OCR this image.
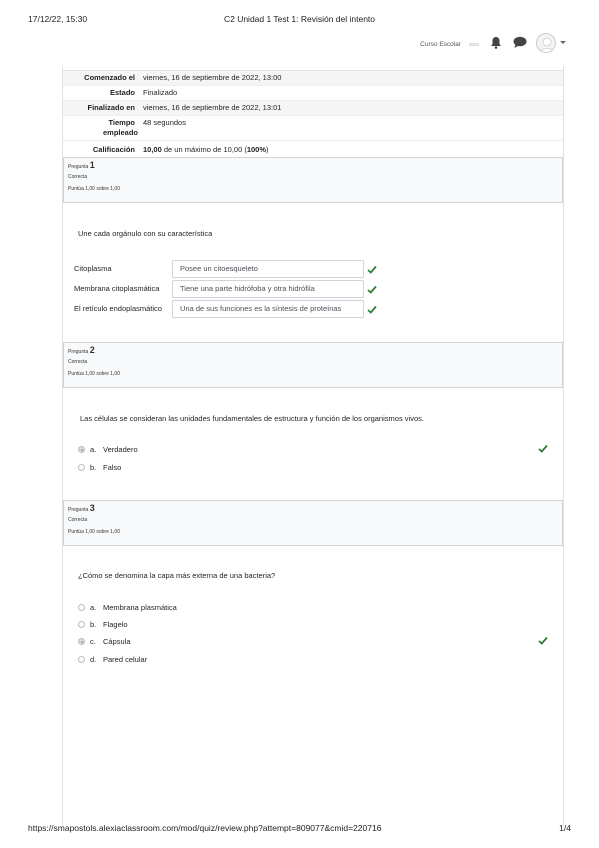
17/12/22, 15:30	C2 Unidad 1 Test 1: Revisión del intento
Curso Escolar 2022
Comenzado el	viernes, 16 de septiembre de 2022, 13:00
Estado	Finalizado
Finalizado en	viernes, 16 de septiembre de 2022, 13:01
Tiempo empleado
48 segundos
Calificación	10,00 de un máximo de 10,00 (100%)
Pregunta 1
Correcta
Puntúa 1,00 sobre 1,00
Une cada orgánulo con su característica
Citoplasma	Posee un citoesqueleto
Membrana citoplasmática	Tiene una parte hidrófoba y otra hidrófila
El retículo endoplasmático	Una de sus funciones es la síntesis de proteínas
Pregunta 2
Correcta
Puntúa 1,00 sobre 1,00
Las células se consideran las unidades fundamentales de estructura y función de los organismos vivos.
a. Verdadero
b. Falso
Pregunta 3
Correcta
Puntúa 1,00 sobre 1,00
¿Cómo se denomina la capa más externa de una bacteria?
a. Membrana plasmática
b. Flagelo
c. Cápsula
d. Pared celular
https://smapostols.alexiaclassroom.com/mod/quiz/review.php?attempt=809077&cmid=220716	1/4
